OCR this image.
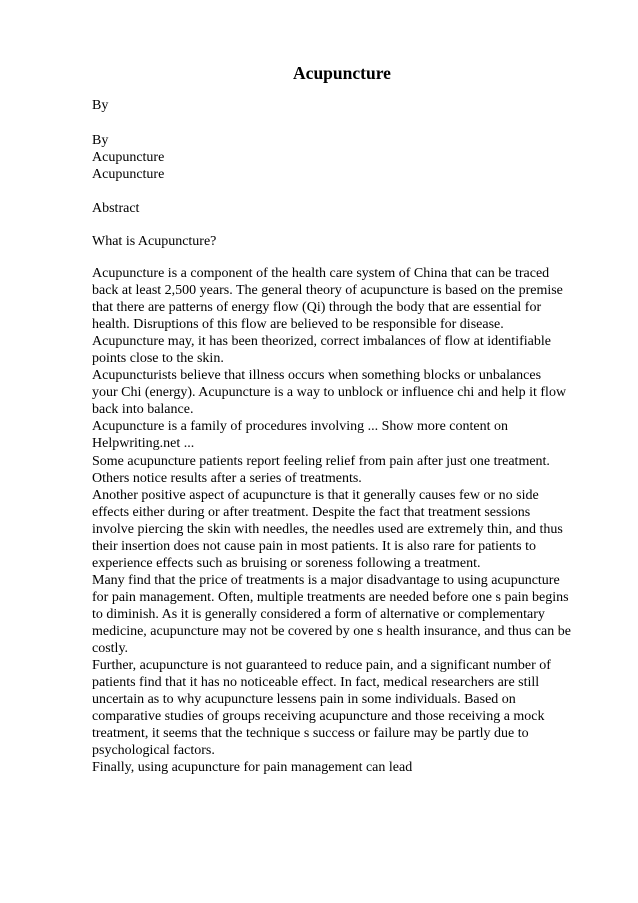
Acupuncture

By

By

Acupuncture

Acupuncture

Abstract

What is Acupuncture?

Acupuncture is a component of the health care system of China that can be traced
back at least 2,500 years. The general theory of acupuncture is based on the premise
that there are patterns of energy flow (Qi) through the body that are essential for
health. Disruptions of this flow are believed to be responsible for disease.
Acupuncture may, it has been theorized, correct imbalances of flow at identifiable
points close to the skin.
Acupuncturists believe that illness occurs when something blocks or unbalances
your Chi (energy). Acupuncture is a way to unblock or influence chi and help it flow
back into balance.
Acupuncture is a family of procedures involving ... Show more content on
Helpwriting.net ...
Some acupuncture patients report feeling relief from pain after just one treatment.
Others notice results after a series of treatments.
Another positive aspect of acupuncture is that it generally causes few or no side
effects either during or after treatment. Despite the fact that treatment sessions
involve piercing the skin with needles, the needles used are extremely thin, and thus
their insertion does not cause pain in most patients. It is also rare for patients to
experience effects such as bruising or soreness following a treatment.
Many find that the price of treatments is a major disadvantage to using acupuncture
for pain management. Often, multiple treatments are needed before one s pain begins
to diminish. As it is generally considered a form of alternative or complementary
medicine, acupuncture may not be covered by one s health insurance, and thus can be
costly.
Further, acupuncture is not guaranteed to reduce pain, and a significant number of
patients find that it has no noticeable effect. In fact, medical researchers are still
uncertain as to why acupuncture lessens pain in some individuals. Based on
comparative studies of groups receiving acupuncture and those receiving a mock
treatment, it seems that the technique s success or failure may be partly due to
psychological factors.
Finally, using acupuncture for pain management can lead
